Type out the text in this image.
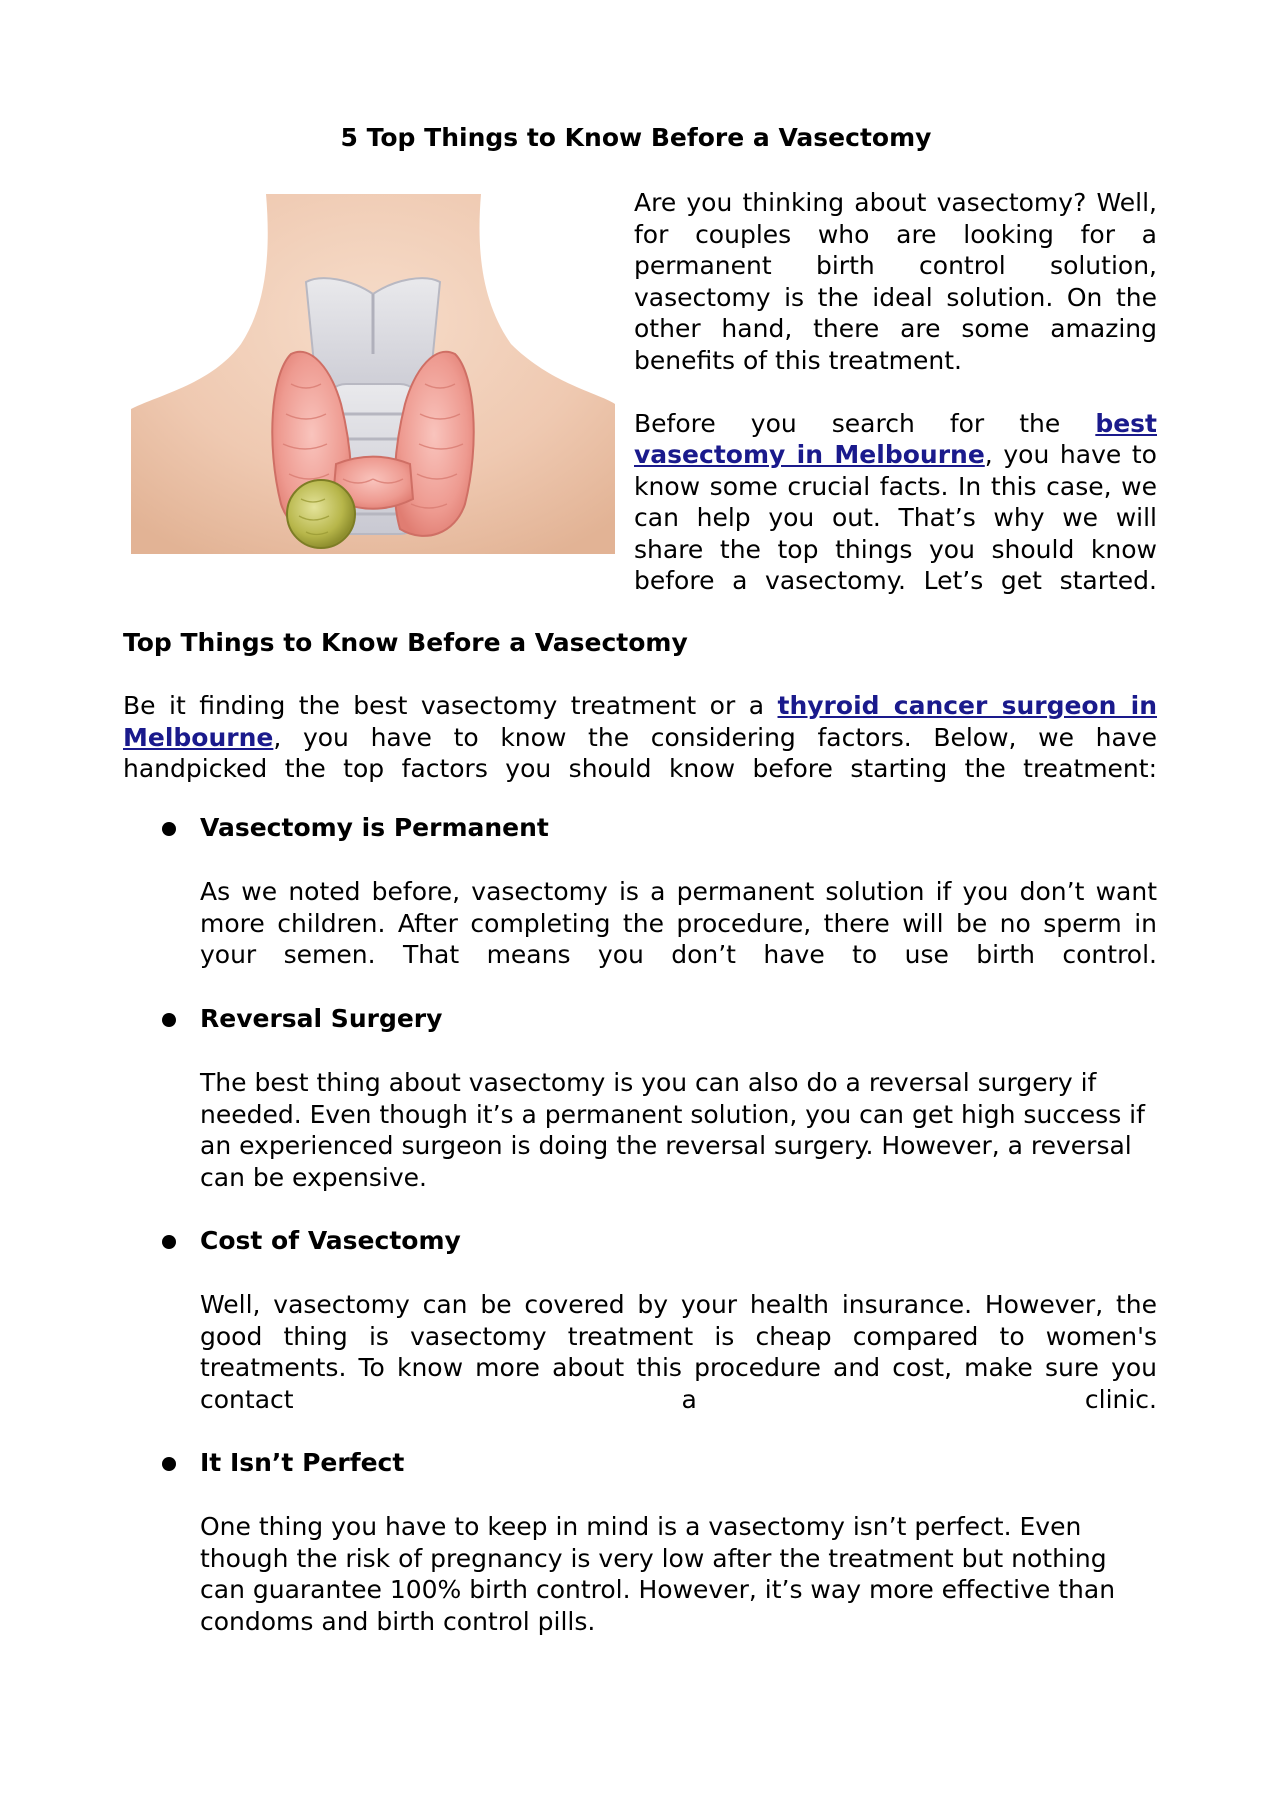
5 Top Things to Know Before a Vasectomy

Are you thinking about vasectomy? Well, for couples who are looking for a permanent birth control solution, vasectomy is the ideal solution. On the other hand, there are some amazing benefits of this treatment.

Before you search for the best vasectomy in Melbourne, you have to know some crucial facts. In this case, we can help you out. That’s why we will share the top things you should know before a vasectomy. Let’s get started.

Top Things to Know Before a Vasectomy

Be it finding the best vasectomy treatment or a thyroid cancer surgeon in Melbourne, you have to know the considering factors. Below, we have handpicked the top factors you should know before starting the treatment:

Vasectomy is Permanent

As we noted before, vasectomy is a permanent solution if you don’t want more children. After completing the procedure, there will be no sperm in your semen. That means you don’t have to use birth control.

Reversal Surgery

The best thing about vasectomy is you can also do a reversal surgery if needed. Even though it’s a permanent solution, you can get high success if an experienced surgeon is doing the reversal surgery. However, a reversal can be expensive.

Cost of Vasectomy

Well, vasectomy can be covered by your health insurance. However, the good thing is vasectomy treatment is cheap compared to women's treatments. To know more about this procedure and cost, make sure you contact a clinic.

It Isn’t Perfect

One thing you have to keep in mind is a vasectomy isn’t perfect. Even though the risk of pregnancy is very low after the treatment but nothing can guarantee 100% birth control. However, it’s way more effective than condoms and birth control pills.
